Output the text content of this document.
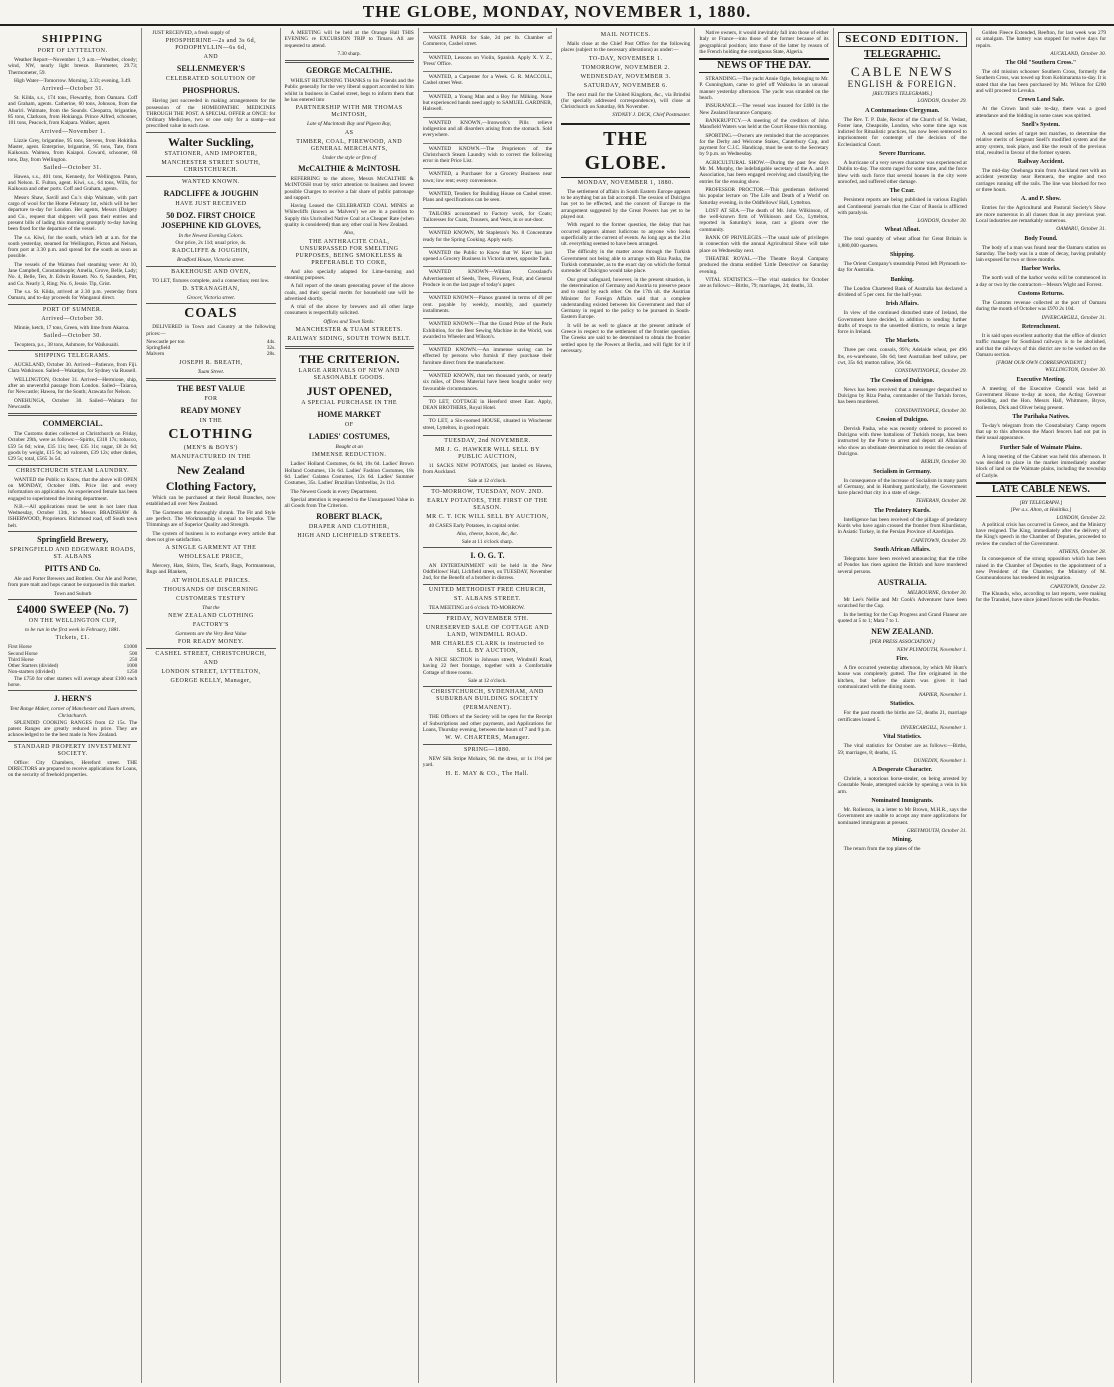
THE GLOBE, MONDAY, NOVEMBER 1, 1880.
SHIPPING
PORT OF LYTTELTON.
Weather Report—November 1, 9 a.m.—Weather, cloudy; wind, NW, nearly light breeze. Barometer, 29.73; Thermometer, 59.
High Water—Tomorrow. Morning, 3.33; evening, 3.49.
Arrived—October 31.
St. Kilda, s.s., 174 tons, Flewarthy, from Oamaru. Coff and Graham, agents. Catherine, 60 tons, Johnson, from the Ahuriri. Waimate, from the Sounds. Cleopatra, brigantine, 85 tons, Clarkson, from Hokianga. Prince Alfred, schooner, 101 tons, Peacock, from Kaipara. Walker, agent.
Arrived—November 1.
Lizzie Grey, brigantine, 95 tons, Stevens, from Hokitika. Master, agent. Enterprise, brigantine, 95 tons, Tate, from Kaikoura. Waimea, from Kaiapoi. Coward, schooner, 60 tons, Day, from Wellington.
Sailed—October 31.
Hawea, s.s., 401 tons, Kennedy, for Wellington. Paton, and Nelson. E. Fulton, agent. Kiwi, s.s., 64 tons, Wills, for Kaikoura and other ports. Coff and Graham, agents.
Messrs Shaw, Savill and Co.'s ship Waimate, with part cargo of wool for the Home February 1st, which will be her departure to-day for London. Her agents, Messrs (Dalgety and Co., request that shippers will pass their entries and present bills of lading this morning promptly to-day having been fixed for the departure of the vessel.
The s.s. Kiwi, for the south, which left at a.m. for the south yesterday, steamed for Wellington, Picton and Nelson, from port at 3.30 p.m. and spread for the south as soon as possible.
The vessels of the Waimea fuel steaming were: At 10, Jane Campbell, Constantinople; Amelia, Grove, Belle, Lady; No. 4, Belle, Ten, Jr. Edwin Bassett. No. 6, Saunders, Pitt, and Co. Nearly 3, Ring; No. 6, Jessie. Tip, Grist.
The s.s. St. Kilda, arrived at 2.30 p.m. yesterday from Oamaru, and to-day proceeds for Wanganui direct.
PORT OF SUMNER.
Arrived—October 30.
Minnie, ketch, 17 tons, Green, with lime from Akaroa.
Sailed—October 30.
Tecoptera, p.s., 38 tons, Ashmore, for Waikouaiti.
SHIPPING TELEGRAMS.
AUCKLAND, October 30. Arrived—Patience, from Fiji. Clara Watkinson. Sailed—Wakatipu, for Sydney via Russell.
WELLINGTON, October 31. Arrived—Hermione, ship, after an uneventful passage from London. Sailed—Taiaroa, for Newcastle; Hawea, for the South; Arawata for Nelson.
ONEHUNGA, October 30. Sailed—Waitara for Newcastle.
COMMERCIAL.
The Customs duties collected at Christchurch on Friday, October 29th, were as follows:—Spirits, £318 17s; tobacco, £59 5s 6d; wine, £35 11s; beer, £35 11s; sugar, £8 2s 6d; goods by weight, £15 9s; ad valorem, £39 12s; other duties, £29 5s; total, £565 3s 5d.
CHRISTCHURCH STEAM LAUNDRY.
WANTED the Public to Know, that the above will OPEN on MONDAY, October 18th. Price list and every information on application. An experienced female has been engaged to superintend the ironing department.
N.B.—All applications must be sent in not later than Wednesday, October 13th, to Messrs BRADSHAW & ISHERWOOD, Proprietors. Richmond road, off South town belt.
Springfield Brewery,
SPRINGFIELD AND EDGEWARE ROADS, ST. ALBANS
PITTS AND Co.
Ale and Porter Brewers and Bottlers. Our Ale and Porter, from pure malt and hops cannot be surpassed in this market.
Town and Suburb
£4000 SWEEP (No. 7)
ON THE WELLINGTON CUP,
to be run in the first week in February, 1881.
Tickets, £1.
First Horse	£1000
Second Horse	500
Third Horse	250
Other Starters (divided)	1000
Non-starters (divided)	1250
The £750 for other starters will average about £100 each horse.
J. HERN'S
Tent Range Maker, corner of Manchester and Tuam streets, Christchurch.
SPLENDID COOKING RANGES from £2 15s. The patent Ranges are greatly reduced in price. They are acknowledged to be the best made in New Zealand.
STANDARD PROPERTY INVESTMENT SOCIETY.
Office: City Chambers, Hereford street. THE DIRECTORS are prepared to receive applications for Loans, on the security of freehold properties.
JUST RECEIVED, a fresh supply of
PHOSPHERINE—2s and 3s 6d, PODOPHYLLIN—6s 6d,
AND
SELLENMEYER'S
CELEBRATED SOLUTION OF
PHOSPHORUS.
Having just succeeded in making arrangements for the possession of the HOMEOPATHIC MEDICINES THROUGH THE POST. A SPECIAL OFFER at ONCE: for Ordinary Medicines, two or one only for a stamp—not prescribed value in each case.
Walter Suckling,
STATIONER, AND IMPORTER,
MANCHESTER STREET SOUTH, CHRISTCHURCH.
WANTED KNOWN.
RADCLIFFE & JOUGHIN
HAVE JUST RECEIVED
50 DOZ. FIRST CHOICE JOSEPHINE KID GLOVES,
In the Newest Evening Colors.
Our price, 2s 11d; usual price, 4s.
RADCLIFFE & JOUGHIN,
Bradford House, Victoria street.
BAKEHOUSE AND OVEN,
TO LET, fixtures complete, and a connection; rent low.
D. STRANAGHAN,
Grocer, Victoria street.
COALS
DELIVERED in Town and Country at the following prices:—
Newcastle per ton	44s.
Springfield	32s.
Malvern	28s.
JOSEPH R. BREATH,
Tuam Street.
THE BEST VALUE
FOR
READY MONEY
IN THE
CLOTHING
(MEN'S & BOYS')
MANUFACTURED IN THE
New Zealand
Clothing Factory,
Which can be purchased at their Retail Branches, now established all over New Zealand.
The Garments are thoroughly shrunk. The Fit and Style are perfect. The Workmanship is equal to bespoke. The Trimmings are of Superior Quality and Strength.
The system of business is to exchange every article that does not give satisfaction.
A SINGLE GARMENT AT THE
WHOLESALE PRICE,
Mercery, Hats, Shirts, Ties, Scarfs, Bags, Portmanteaus, Rugs and Blankets,
AT WHOLESALE PRICES.
THOUSANDS OF DISCERNING
CUSTOMERS TESTIFY
That the
NEW ZEALAND CLOTHING
FACTORY'S
Garments are the Very Best Value
FOR READY MONEY.
CASHEL STREET, CHRISTCHURCH,
AND
LONDON STREET, LYTTELTON,
GEORGE KELLY, Manager,
A MEETING will be held at the Orange Hall THIS EVENING re EXCURSION TRIP to Timaru. All are requested to attend.
7.30 sharp.
GEORGE McCALTHIE.
WHILST RETURNING THANKS to his Friends and the Public generally for the very liberal support accorded to him whilst in business in Cashel street, begs to inform them that he has entered into
PARTNERSHIP WITH MR THOMAS McINTOSH,
Late of Macintosh Bay and Pigeon Bay,
AS
TIMBER, COAL, FIREWOOD, AND GENERAL MERCHANTS,
Under the style or firm of
McCALTHIE & McINTOSH.
REFERRING to the above, Messrs McCALTHIE & McINTOSH trust by strict attention to business and lowest possible Charges to receive a fair share of public patronage and support.
Having Leased the CELEBRATED COAL MINES at Whitecliffs (known as 'Malvern') we are in a position to Supply this Unrivalled Native Coal at a Cheaper Rate (when quality is considered) than any other coal in New Zealand.
Also,
THE ANTHRACITE COAL, UNSURPASSED FOR SMELTING PURPOSES, BEING SMOKELESS & PREFERABLE TO COKE,
And also specially adapted for Lime-burning and steaming purposes.
A full report of the steam generating power of the above coals, and their special merits for household use will be advertised shortly.
A trial of the above by brewers and all other large consumers is respectfully solicited.
Offices and Town Yards:
MANCHESTER & TUAM STREETS.
RAILWAY SIDING, SOUTH TOWN BELT.
THE CRITERION.
LARGE ARRIVALS OF NEW AND SEASONABLE GOODS.
JUST OPENED,
A SPECIAL PURCHASE IN THE
HOME MARKET
OF
LADIES' COSTUMES,
Bought at an
IMMENSE REDUCTION.
Ladies' Holland Costumes, 6s 6d, 10s 6d. Ladies' Brown Holland Costumes, 13s 6d. Ladies' Fashion Costumes, 18s 6d. Ladies' Galatea Costumes, 12s 6d. Ladies' Summer Costumes, 35s. Ladies' Brazilian Umbrellas, 2s 11d.
The Newest Goods in every Department.
Special attention is requested to the Unsurpassed Value in all Goods from The Criterion.
ROBERT BLACK,
DRAPER AND CLOTHIER,
HIGH AND LICHFIELD STREETS.
WASTE PAPER for Sale, 2d per lb. Chamber of Commerce, Cashel street.
WANTED, Lessons on Violin, Spanish. Apply X. Y. Z., 'Press' Office.
WANTED, a Carpenter for a Week. G. R. MACCOLL, Cashel street West.
WANTED, a Young Man and a Boy for Milking. None but experienced hands need apply to SAMUEL GARDNER, Halswell.
WANTED KNOWN,—Ironwork's Pills relieve indigestion and all disorders arising from the stomach. Sold everywhere.
WANTED KNOWN.—The Proprietors of the Christchurch Steam Laundry wish to correct the following error in their Price List.
WANTED, a Purchaser for a Grocery Business near town; low rent; every convenience.
WANTED, Tenders for Building House on Cashel street. Plans and specifications can be seen.
TAILORS accustomed to Factory work, for Coats; Tailoresses for Coats, Trousers, and Vests, in or out-door.
WANTED KNOWN, Mr Stapleton's No. 8 Concentrate ready for the Spring Cooking. Apply early.
WANTED the Public to Know that W. Kerr has just opened a Grocery Business in Victoria street, opposite Tank.
WANTED KNOWN—William Crossland's Advertisement of Seeds, Trees, Flowers, Fruit, and General Produce is on the last page of today's paper.
WANTED KNOWN—Pianos granted in terms of 40 per cent. payable by weekly, monthly, and quarterly installments.
WANTED KNOWN—That the Grand Prize of the Paris Exhibition, for the Best Sewing Machine in the World, was awarded to Wheeler and Wilson's.
WANTED KNOWN.—An immense saving can be effected by persons who furnish if they purchase their furniture direct from the manufacturer.
WANTED KNOWN, that ten thousand yards, or nearly six miles, of Dress Material have been bought under very favourable circumstances.
TO LET, COTTAGE in Hereford street East. Apply, DEAN BROTHERS, Royal Hotel.
TO LET, a Six-roomed HOUSE, situated in Winchester street, Lyttelton, in good repair.
TUESDAY, 2nd NOVEMBER.
MR J. G. HAWKER WILL SELL BY PUBLIC AUCTION,
11 SACKS NEW POTATOES, just landed ex Hawea, from Auckland.
Sale at 12 o'clock.
TO-MORROW, TUESDAY, NOV. 2ND.
EARLY POTATOES, THE FIRST OF THE SEASON.
MR C. T. ICK WILL SELL BY AUCTION,
40 CASES Early Potatoes, in capital order.
Also, cheese, bacon, &c, &c.
Sale at 11 o'clock sharp.
I. O. G. T.
AN ENTERTAINMENT will be held in the New Oddfellows' Hall, Lichfield street, on TUESDAY, November 2nd, for the Benefit of a brother in distress.
UNITED METHODIST FREE CHURCH,
ST. ALBANS STREET.
TEA MEETING at 6 o'clock TO-MORROW.
FRIDAY, NOVEMBER 5TH.
UNRESERVED SALE OF COTTAGE AND LAND, WINDMILL ROAD.
MR CHARLES CLARK is instructed to SELL BY AUCTION,
A NICE SECTION in Johnson street, Windmill Road, having 22 feet frontage, together with a Comfortable Cottage of three rooms.
Sale at 12 o'clock.
CHRISTCHURCH, SYDENHAM, AND SUBURBAN BUILDING SOCIETY
(PERMANENT).
THE Officers of the Society will be open for the Receipt of Subscriptions and other payments, and Applications for Loans, Thursday evening, between the hours of 7 and 9 p.m.
W. W. CHARTERS, Manager.
SPRING—1880.
NEW Silk Stripe Mohairs, 9d. the dress, or 1s 1½d per yard.
H. E. MAY & CO., The Hall.
MAIL NOTICES.
Mails close at the Chief Post Office for the following places (subject to the necessary alterations) as under:—
TO-DAY, NOVEMBER 1.
TOMORROW, NOVEMBER 2.
WEDNESDAY, NOVEMBER 3.
SATURDAY, NOVEMBER 6.
The next mail for the United Kingdom, &c., via Brindisi (for specially addressed correspondence), will close at Christchurch on Saturday, 6th November.
SYDNEY J. DICK, Chief Postmaster.
THE GLOBE.
MONDAY, NOVEMBER 1, 1880.
The settlement of affairs in South Eastern Europe appears to be anything but an fait accompli. The cession of Dulcigno has yet to be effected, and the concert of Europe to the arrangement suggested by the Great Powers has yet to be played out.
With regard to the former question, the delay that has occurred appears almost ludicrous to anyone who looks superficially at the current of events. As long ago as the 21st ult. everything seemed to have been arranged.
The difficulty in the matter arose through the Turkish Government not being able to arrange with Riza Pasha, the Turkish commander, as to the exact day on which the formal surrender of Dulcigno would take place.
Our great safeguard, however, in the present situation, is the determination of Germany and Austria to preserve peace and to stand by each other. On the 17th ult. the Austrian Minister for Foreign Affairs said that a complete understanding existed between his Government and that of Germany in regard to the policy to be pursued in South-Eastern Europe.
It will be as well to glance at the present attitude of Greece in respect to the settlement of the frontier question. The Greeks are said to be determined to obtain the frontier settled upon by the Powers at Berlin, and will fight for it if necessary.
Native owners, it would inevitably fall into those of either Italy or France—into those of the former because of its geographical position; into those of the latter by reason of the French holding the contiguous State, Algeria.
NEWS OF THE DAY.
STRANDING.—The yacht Annie Ogle, belonging to Mr. P. Cunningham, came to grief off Waikuku in an unusual manner yesterday afternoon. The yacht was stranded on the beach.
INSURANCE.—The vessel was insured for £400 in the New Zealand Insurance Company.
BANKRUPTCY.—A meeting of the creditors of John Mansfield Waters was held at the Court House this morning.
SPORTING.—Owners are reminded that the acceptances for the Derby and Welcome Stakes, Canterbury Cup, and payment for C.J.C. Handicap, must be sent to the Secretary by 9 p.m. on Wednesday.
AGRICULTURAL SHOW.—During the past few days Mr. M. Murphy, the indefatigable secretary of the A. and P. Association, has been engaged receiving and classifying the entries for the ensuing show.
PROFESSOR PROCTOR.—This gentleman delivered his popular lecture on 'The Life and Death of a World' on Saturday evening, in the Oddfellows' Hall, Lyttelton.
LOST AT SEA.—The death of Mr. John Wilkinson, of the well-known firm of Wilkinson and Co., Lyttelton, reported in Saturday's issue, cast a gloom over the community.
BANK OF PRIVILEGES.—The usual sale of privileges in connection with the annual Agricultural Show will take place on Wednesday next.
THEATRE ROYAL.—The Theatre Royal Company produced the drama entitled 'Little Detective' on Saturday evening.
VITAL STATISTICS.—The vital statistics for October are as follows:—Births, 79; marriages, 24; deaths, 33.
SECOND EDITION.
TELEGRAPHIC.
CABLE NEWS
ENGLISH & FOREIGN.
[REUTER'S TELEGRAMS.]
LONDON, October 29.
A Contumacious Clergyman.
The Rev. T. P. Dale, Rector of the Church of St. Vedast, Foster lane, Cheapside, London, who some time ago was indicted for Ritualistic practices, has now been sentenced to imprisonment for contempt of the decision of the Ecclesiastical Court.
Severe Hurricane.
A hurricane of a very severe character was experienced at Dublin to-day. The storm raged for some time, and the force blew with such force that several houses in the city were unroofed, and suffered other damage.
The Czar.
Persistent reports are being published in various English and Continental journals that the Czar of Russia is afflicted with paralysis.
LONDON, October 30.
Wheat Afloat.
The total quantity of wheat afloat for Great Britain is 1,880,000 quarters.
Shipping.
The Orient Company's steamship Potosi left Plymouth to-day for Australia.
Banking.
The London Chartered Bank of Australia has declared a dividend of 5 per cent. for the half-year.
Irish Affairs.
In view of the continued disturbed state of Ireland, the Government have decided, in addition to sending further drafts of troops to the unsettled districts, to retain a large force in Ireland.
The Markets.
Three per cent. consols, 99⅞; Adelaide wheat, per 496 lbs, ex-warehouse, 50s 6d; best Australian beef tallow, per cwt, 35s 6d; mutton tallow, 36s 6d.
CONSTANTINOPLE, October 29.
The Cession of Dulcigno.
News has been received that a messenger despatched to Dulcigno by Riza Pasha, commander of the Turkish forces, has been murdered.
CONSTANTINOPLE, October 30.
Cession of Dulcigno.
Dervish Pasha, who was recently ordered to proceed to Dulcigno with three battalions of Turkish troops, has been instructed by the Porte to arrest and deport all Albanians who show an obstinate determination to resist the cession of Dulcigno.
BERLIN, October 30.
Socialism in Germany.
In consequence of the increase of Socialism in many parts of Germany, and in Hamburg particularly, the Government have placed that city in a state of siege.
TEHERAN, October 28.
The Predatory Kurds.
Intelligence has been received of the pillage of predatory Kurds who have again crossed the frontier from Khurdistan, in Asiatic Turkey, in the Persian Province of Azerbijan.
CAPETOWN, October 29.
South African Affairs.
Telegrams have been received announcing that the tribe of Pondos has risen against the British and have murdered several persons.
AUSTRALIA.
MELBOURNE, October 30.
Mr Lee's Nellie and Mr Cook's Adventurer have been scratched for the Cup.
In the betting for the Cup Progress and Grand Flaneur are quoted at 5 to 1; Mata 7 to 1.
NEW ZEALAND.
[PER PRESS ASSOCIATION.]
NEW PLYMOUTH, November 1.
Fire.
A fire occurred yesterday afternoon, by which Mr Hunt's house was completely gutted. The fire originated in the kitchen, but before the alarm was given it had communicated with the dining room.
NAPIER, November 1.
Statistics.
For the past month the births are 52, deaths 21, marriage certificates issued 5.
INVERCARGILL, November 1.
Vital Statistics.
The vital statistics for October are as follows:—Births, 59; marriages, 8; deaths, 15.
DUNEDIN, November 1.
A Desperate Character.
Christie, a notorious horse-stealer, on being arrested by Constable Neale, attempted suicide by opening a vein in his arm.
Nominated Immigrants.
Mr. Rolleston, in a letter to Mr Brown, M.H.R., says the Government are unable to accept any more applications for nominated immigrants at present.
GREYMOUTH, October 31.
Mining.
The return from the top plates of the
Golden Fleece Extended, Reefton, for last week was 279 oz amalgam. The battery was stopped for twelve days for repairs.
AUCKLAND, October 30.
The Old "Southern Cross."
The old mission schooner Southern Cross, formerly the Southern Cross, was towed up from Kohimarama to-day. It is stated that she has been purchased by Mr. Wilson for £200 and will proceed to Levuka.
Crown Land Sale.
At the Crown land sale to-day, there was a good attendance and the bidding in some cases was spirited.
Snell's System.
A second series of target test matches, to determine the relative merits of Sergeant Snell's modified system and the army system, took place, and like the result of the previous trial, resulted in favour of the former system.
Railway Accident.
The mid-day Onehunga train from Auckland met with an accident yesterday near Remuera, the engine and two carriages running off the rails. The line was blocked for two or three hours.
A. and P. Show.
Entries for the Agricultural and Pastoral Society's Show are more numerous in all classes than in any previous year. Local industries are remarkably numerous.
OAMARU, October 31.
Body Found.
The body of a man was found near the Oamaru station on Saturday. The body was in a state of decay, having probably lain exposed for two or three months.
Harbor Works.
The north wall of the harbor works will be commenced in a day or two by the contractors—Messrs Wight and Forrest.
Customs Returns.
The Customs revenue collected at the port of Oamaru during the month of October was £970 2s 10d.
INVERCARGILL, October 31.
Retrenchment.
It is said upon excellent authority that the office of district traffic manager for Southland railways is to be abolished, and that the railways of this district are to be worked on the Oamaru section.
[FROM OUR OWN CORRESPONDENT.]
WELLINGTON, October 30.
Executive Meeting.
A meeting of the Executive Council was held at Government House to-day at noon, the Acting Governor presiding, and the Hon. Messrs Hall, Whitmore, Bryce, Rolleston, Dick and Oliver being present.
The Parihaka Natives.
To-day's telegram from the Constabulary Camp reports that up to this afternoon the Maori fencers had not put in their usual appearance.
Further Sale of Waimate Plains.
A long meeting of the Cabinet was held this afternoon. It was decided to place in the market immediately another block of land on the Waimate plains, including the township of Carlyle.
LATE CABLE NEWS.
[BY TELEGRAPH.]
[Per a.s. Alton, at Hokitika.]
LONDON, October 23.
A political crisis has occurred in Greece, and the Ministry have resigned. The King, immediately after the delivery of the King's speech in the Chamber of Deputies, proceeded to review the conduct of the Government.
ATHENS, October 28.
In consequence of the strong opposition which has been raised in the Chamber of Deputies to the appointment of a new President of the Chamber, the Ministry of M. Coumoundouros has tendered its resignation.
CAPETOWN, October 23.
The Khundu, who, according to last reports, were making for the Transkei, have since joined forces with the Pondos.
